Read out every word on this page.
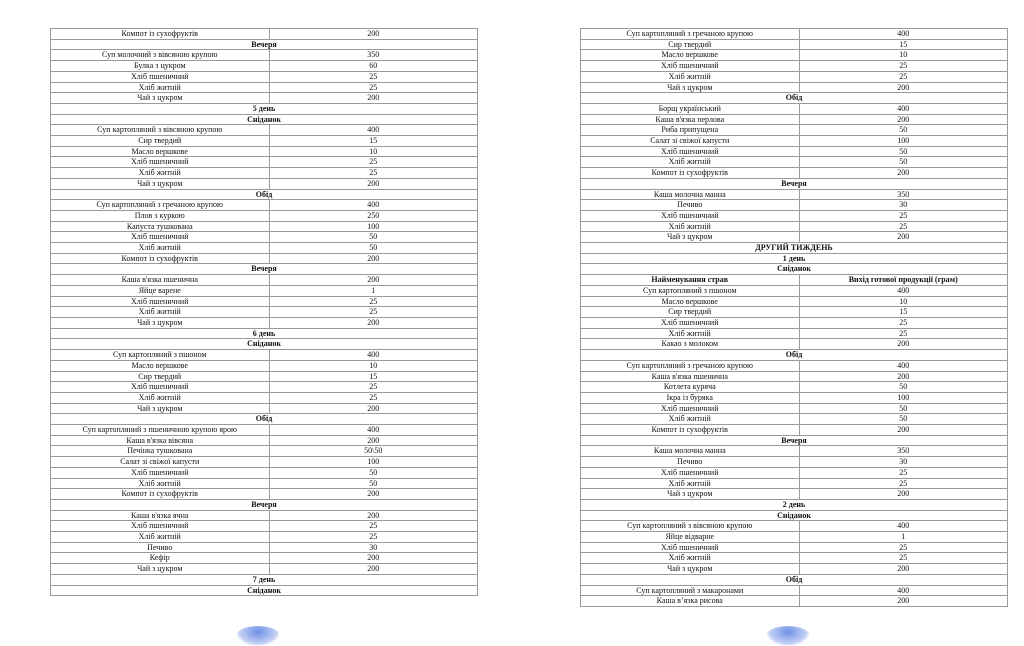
Компот із сухофруктів	200
Вечеря	
Суп молочний з вівсяною крупою	350
Булка з цукром	60
Хліб пшеничний	25
Хліб житній	25
Чай з цукром	200
5 день	
Сніданок	
Суп картопляний з вівсяною крупою	400
Сир твердий	15
Масло вершкове	10
Хліб пшеничний	25
Хліб житній	25
Чай з цукром	200
Обід	
Суп картопляний з гречаною крупою	400
Плов з куркою	250
Капуста тушкована	100
Хліб пшеничний	50
Хліб житній	50
Компот із сухофруктів	200
Вечеря	
Каша в'язка пшенична	200
Яйце варене	1
Хліб пшеничний	25
Хліб житній	25
Чай з цукром	200
6 день	
Сніданок	
Суп картопляний з пшоном	400
Масло вершкове	10
Сир твердий	15
Хліб пшеничний	25
Хліб житній	25
Чай з цукром	200
Обід	
Суп картопляний з пшеничною крупою ярою	400
Каша в'язка вівсяна	200
Печінка тушкована	50\50
Салат зі свіжої капусти	100
Хліб пшеничний	50
Хліб житній	50
Компот із сухофруктів	200
Вечеря	
Каша в'язка ячна	200
Хліб пшеничний	25
Хліб житній	25
Печиво	30
Кефір	200
Чай з цукром	200
7 день	
Сніданок	
Суп картопляний з гречаною крупою	400
Сир твердий	15
Масло вершкове	10
Хліб пшеничний	25
Хліб житній	25
Чай з цукром	200
Обід	
Борщ український	400
Каша в'язка перлова	200
Риба припущена	50
Салат зі свіжої капусти	100
Хліб пшеничний	50
Хліб житній	50
Компот із сухофруктів	200
Вечеря	
Каша молочна манна	350
Печиво	30
Хліб пшеничний	25
Хліб житній	25
Чай з цукром	200
ДРУГИЙ ТИЖДЕНЬ	
1 день	
Сніданок	
Найменування страв	Вихід готової продукції (грам)
Суп картопляний з пшоном	400
Масло вершкове	10
Сир твердий	15
Хліб пшеничний	25
Хліб житній	25
Какао з молоком	200
Обід	
Суп картопляний з гречаною крупою	400
Каша в'язка пшенична	200
Котлета куряча	50
Ікра із буряка	100
Хліб пшеничний	50
Хліб житній	50
Компот із сухофруктів	200
Вечеря	
Каша молочна манна	350
Печиво	30
Хліб пшеничний	25
Хліб житній	25
Чай з цукром	200
2 день	
Сніданок	
Суп картопляний з вівсяною крупою	400
Яйце відварне	1
Хліб пшеничний	25
Хліб житній	25
Чай з цукром	200
Обід	
Суп картопляний з макаронами	400
Каша в’язка рисова	200
